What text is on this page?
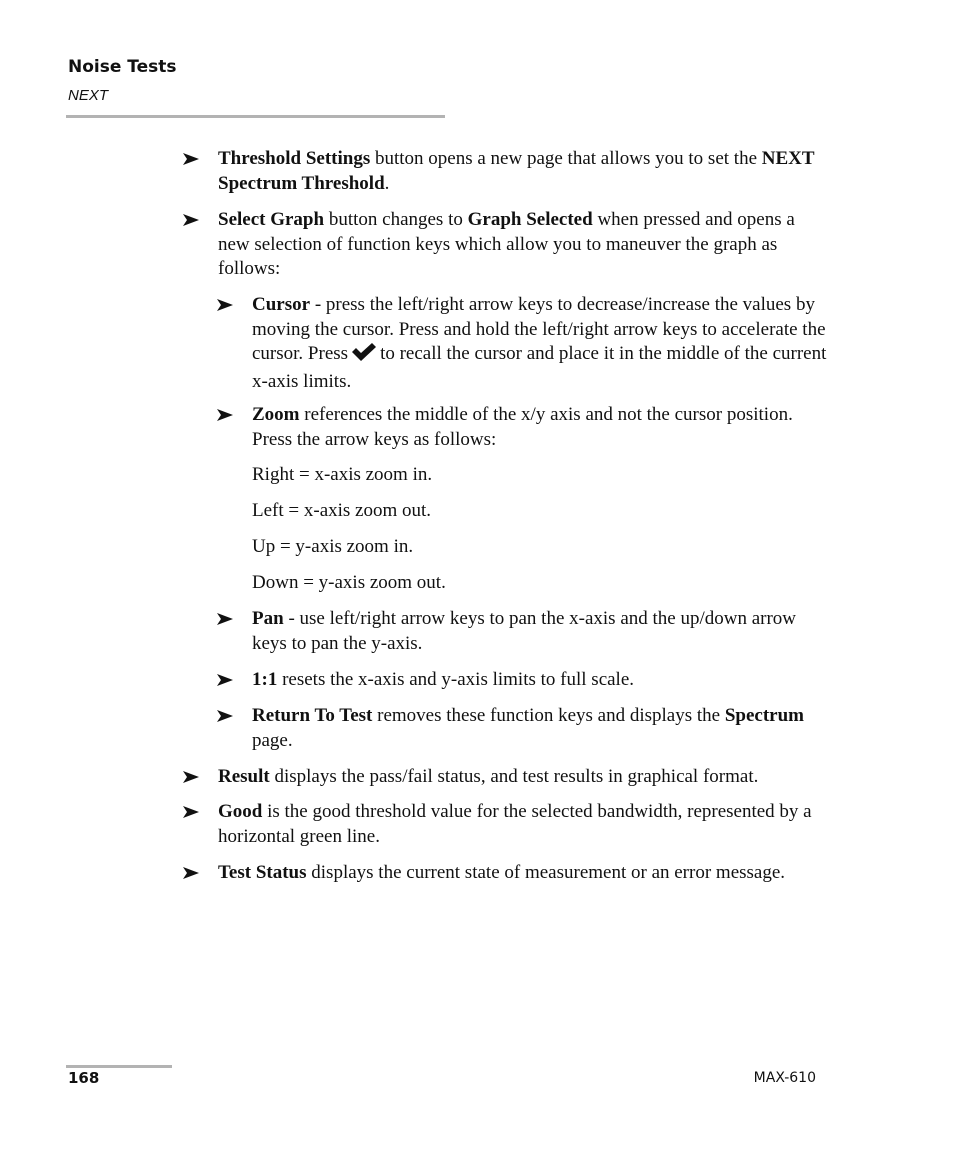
Noise Tests
NEXT
Threshold Settings button opens a new page that allows you to set the NEXT Spectrum Threshold.
Select Graph button changes to Graph Selected when pressed and opens a new selection of function keys which allow you to maneuver the graph as follows:
Cursor - press the left/right arrow keys to decrease/increase the values by moving the cursor. Press and hold the left/right arrow keys to accelerate the cursor. Press to recall the cursor and place it in the middle of the current x-axis limits.
Zoom references the middle of the x/y axis and not the cursor position. Press the arrow keys as follows:
Right = x-axis zoom in.
Left = x-axis zoom out.
Up = y-axis zoom in.
Down = y-axis zoom out.
Pan - use left/right arrow keys to pan the x-axis and the up/down arrow keys to pan the y-axis.
1:1 resets the x-axis and y-axis limits to full scale.
Return To Test removes these function keys and displays the Spectrum page.
Result displays the pass/fail status, and test results in graphical format.
Good is the good threshold value for the selected bandwidth, represented by a horizontal green line.
Test Status displays the current state of measurement or an error message.
168	MAX-610
